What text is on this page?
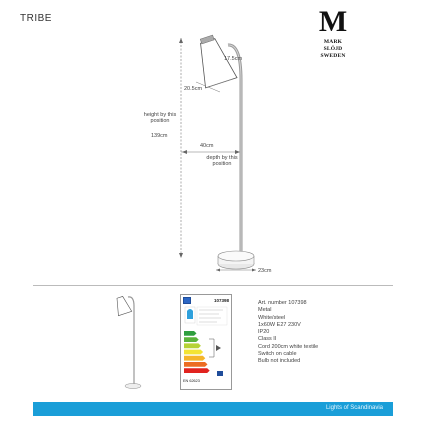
TRIBE	M
MARK
SLÖJD
SWEDEN
17.5cm
20.5cm
height by this position
139cm
40cm
depth by this position
23cm
107398
EN 62623
Art. number 107398
Metal
White/steel
1x60W E27 230V
IP20
Class II
Cord 200cm white textile
Switch on cable
Bulb not included
Lights of Scandinavia
